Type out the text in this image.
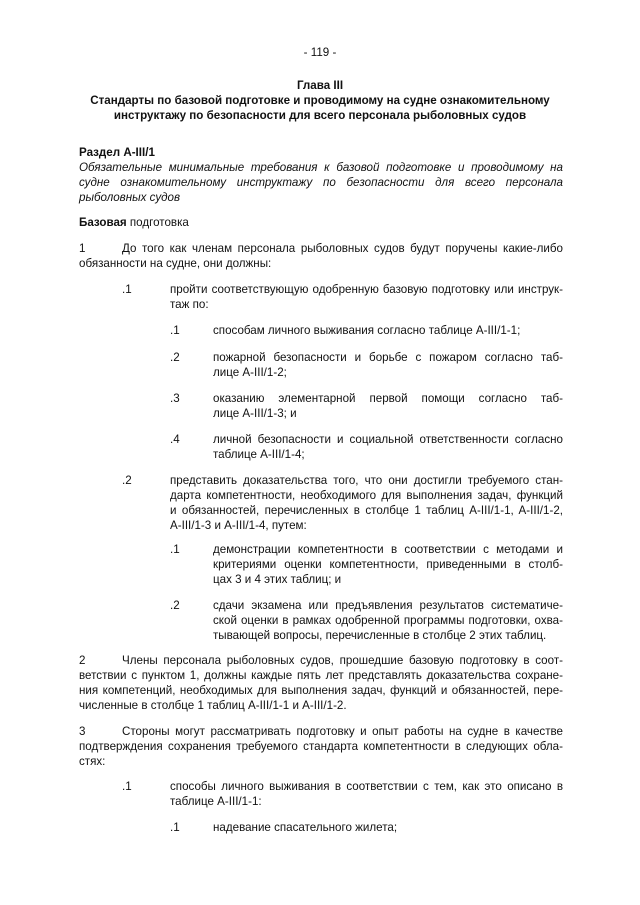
- 119 -
Глава III
Стандарты по базовой подготовке и проводимому на судне ознакомительному
инструктажу по безопасности для всего персонала рыболовных судов
Раздел A-III/1
Обязательные минимальные требования к базовой подготовке и проводимому на
судне ознакомительному инструктажу по безопасности для всего персонала
рыболовных судов
Базовая подготовка
1	До того как членам персонала рыболовных судов будут поручены какие-либо
обязанности на судне, они должны:
.1	пройти соответствующую одобренную базовую подготовку или инструк-
таж по:
.1	способам личного выживания согласно таблице A-III/1-1;
.2	пожарной безопасности и борьбе с пожаром согласно таб-
лице A-III/1-2;
.3	оказанию элементарной первой помощи согласно таб-
лице A-III/1-3; и
.4	личной безопасности и социальной ответственности согласно
таблице A-III/1-4;
.2	представить доказательства того, что они достигли требуемого стан-
дарта компетентности, необходимого для выполнения задач, функций
и обязанностей, перечисленных в столбце 1 таблиц A-III/1-1, A-III/1-2,
A-III/1-3 и A-III/1-4, путем:
.1	демонстрации компетентности в соответствии с методами и
критериями оценки компетентности, приведенными в столб-
цах 3 и 4 этих таблиц; и
.2	сдачи экзамена или предъявления результатов систематиче-
ской оценки в рамках одобренной программы подготовки, охва-
тывающей вопросы, перечисленные в столбце 2 этих таблиц.
2	Члены персонала рыболовных судов, прошедшие базовую подготовку в соот-
ветствии с пунктом 1, должны каждые пять лет представлять доказательства сохране-
ния компетенций, необходимых для выполнения задач, функций и обязанностей, пере-
численные в столбце 1 таблиц A-III/1-1 и A-III/1-2.
3	Стороны могут рассматривать подготовку и опыт работы на судне в качестве
подтверждения сохранения требуемого стандарта компетентности в следующих обла-
стях:
.1	способы личного выживания в соответствии с тем, как это описано в
таблице A-III/1-1:
.1	надевание спасательного жилета;
